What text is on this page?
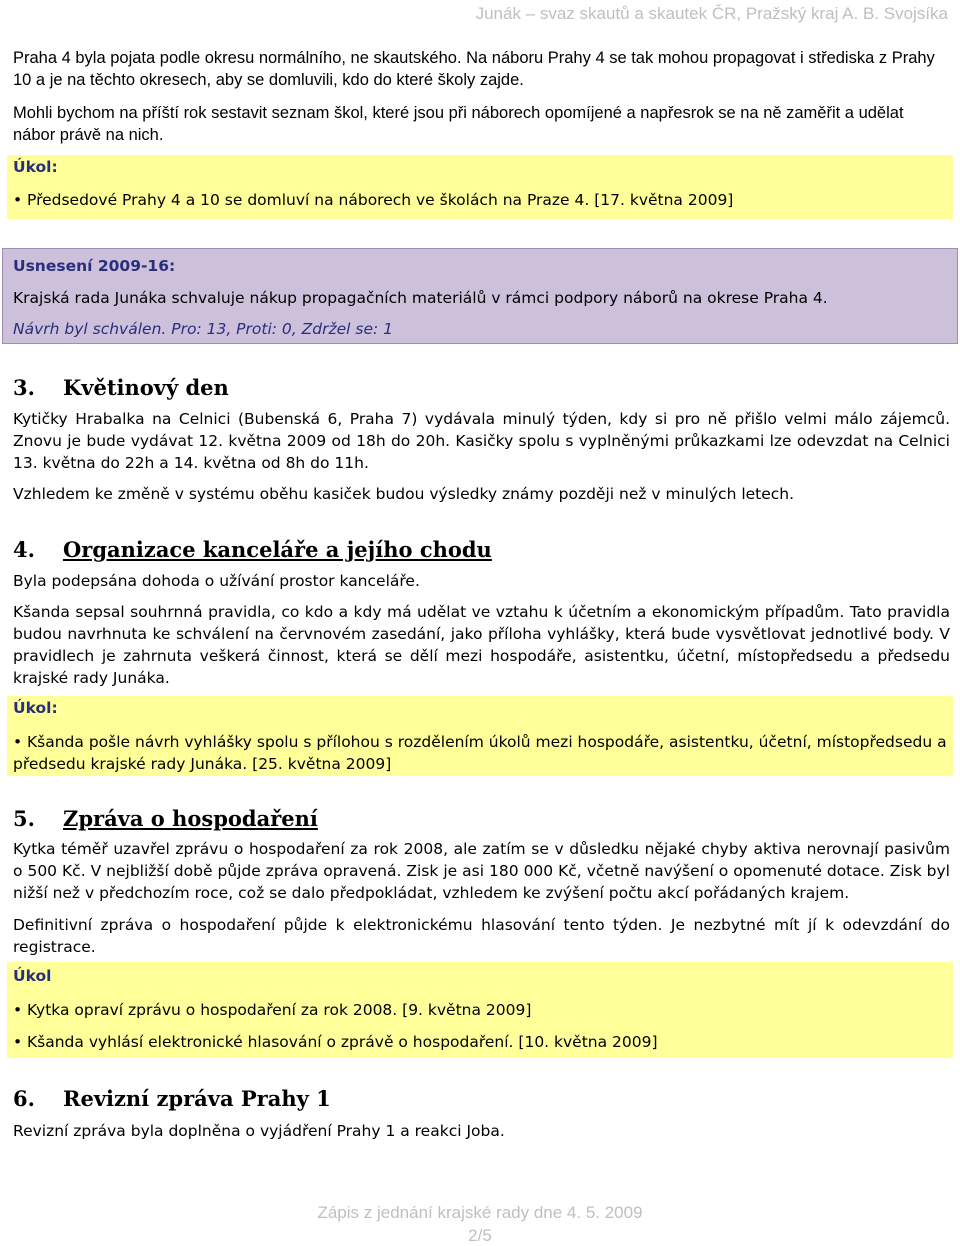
Junák – svaz skautů a skautek ČR, Pražský kraj A. B. Svojsíka

Praha 4 byla pojata podle okresu normálního, ne skautského. Na náboru Prahy 4 se tak mohou propagovat i střediska z Prahy 10 a je na těchto okresech, aby se domluvili, kdo do které školy zajde.

Mohli bychom na příští rok sestavit seznam škol, které jsou při náborech opomíjené a napřesrok se na ně zaměřit a udělat nábor právě na nich.

Úkol:

• Předsedové Prahy 4 a 10 se domluví na náborech ve školách na Praze 4. [17. května 2009]

Usnesení 2009-16:

Krajská rada Junáka schvaluje nákup propagačních materiálů v rámci podpory náborů na okrese Praha 4.

Návrh byl schválen. Pro: 13, Proti: 0, Zdržel se: 1

3. Květinový den

Kytičky Hrabalka na Celnici (Bubenská 6, Praha 7) vydávala minulý týden, kdy si pro ně přišlo velmi málo zájemců. Znovu je bude vydávat 12. května 2009 od 18h do 20h. Kasičky spolu s vyplněnými průkazkami lze odevzdat na Celnici 13. května do 22h a 14. května od 8h do 11h.

Vzhledem ke změně v systému oběhu kasiček budou výsledky známy později než v minulých letech.

4. Organizace kanceláře a jejího chodu

Byla podepsána dohoda o užívání prostor kanceláře.

Kšanda sepsal souhrnná pravidla, co kdo a kdy má udělat ve vztahu k účetním a ekonomickým případům. Tato pravidla budou navrhnuta ke schválení na červnovém zasedání, jako příloha vyhlášky, která bude vysvětlovat jednotlivé body. V pravidlech je zahrnuta veškerá činnost, která se dělí mezi hospodáře, asistentku, účetní, místopředsedu a předsedu krajské rady Junáka.

Úkol:

• Kšanda pošle návrh vyhlášky spolu s přílohou s rozdělením úkolů mezi hospodáře, asistentku, účetní, místopředsedu a předsedu krajské rady Junáka. [25. května 2009]

5. Zpráva o hospodaření

Kytka téměř uzavřel zprávu o hospodaření za rok 2008, ale zatím se v důsledku nějaké chyby aktiva nerovnají pasivům o 500 Kč. V nejbližší době půjde zpráva opravená. Zisk je asi 180 000 Kč, včetně navýšení o opomenuté dotace. Zisk byl nižší než v předchozím roce, což se dalo předpokládat, vzhledem ke zvýšení počtu akcí pořádaných krajem.

Definitivní zpráva o hospodaření půjde k elektronickému hlasování tento týden. Je nezbytné mít jí k odevzdání do registrace.

Úkol

• Kytka opraví zprávu o hospodaření za rok 2008. [9. května 2009]

• Kšanda vyhlásí elektronické hlasování o zprávě o hospodaření. [10. května 2009]

6. Revizní zpráva Prahy 1

Revizní zpráva byla doplněna o vyjádření Prahy 1 a reakci Joba.

Zápis z jednání krajské rady dne 4. 5. 2009
2/5
